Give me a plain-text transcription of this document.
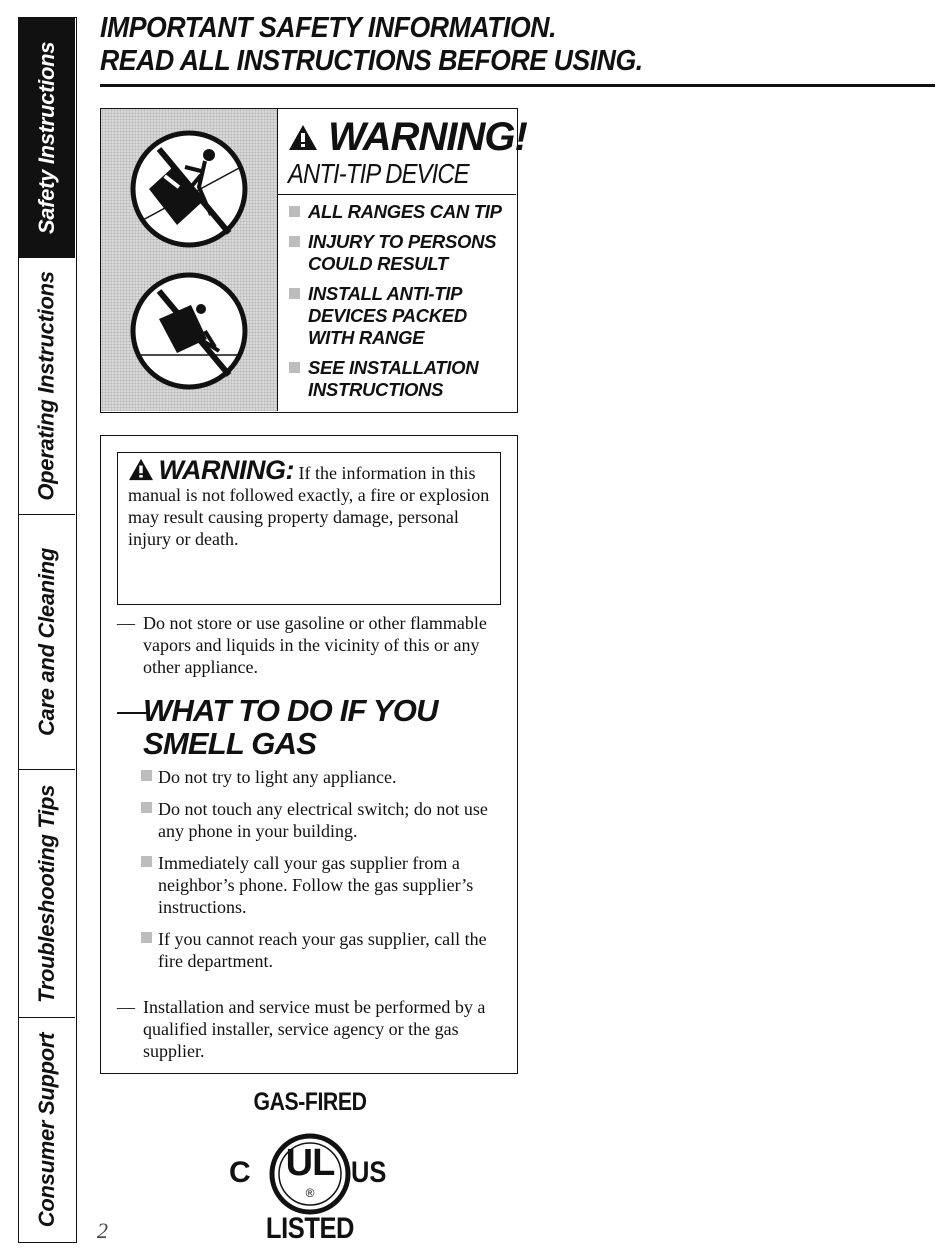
Safety Instructions
Operating Instructions
Care and Cleaning
Troubleshooting Tips
Consumer Support
IMPORTANT SAFETY INFORMATION.
READ ALL INSTRUCTIONS BEFORE USING.
WARNING!
ANTI-TIP DEVICE
ALL RANGES CAN TIP
INJURY TO PERSONS COULD RESULT
INSTALL ANTI-TIP DEVICES PACKED WITH RANGE
SEE INSTALLATION INSTRUCTIONS
WARNING: If the information in this manual is not followed exactly, a fire or explosion may result causing property damage, personal injury or death.
— Do not store or use gasoline or other flammable vapors and liquids in the vicinity of this or any other appliance.
—WHAT TO DO IF YOU
SMELL GAS
Do not try to light any appliance.
Do not touch any electrical switch; do not use any phone in your building.
Immediately call your gas supplier from a neighbor’s phone. Follow the gas supplier’s instructions.
If you cannot reach your gas supplier, call the fire department.
— Installation and service must be performed by a qualified installer, service agency or the gas supplier.
GAS-FIRED
UL
®
C	US
LISTED
2
